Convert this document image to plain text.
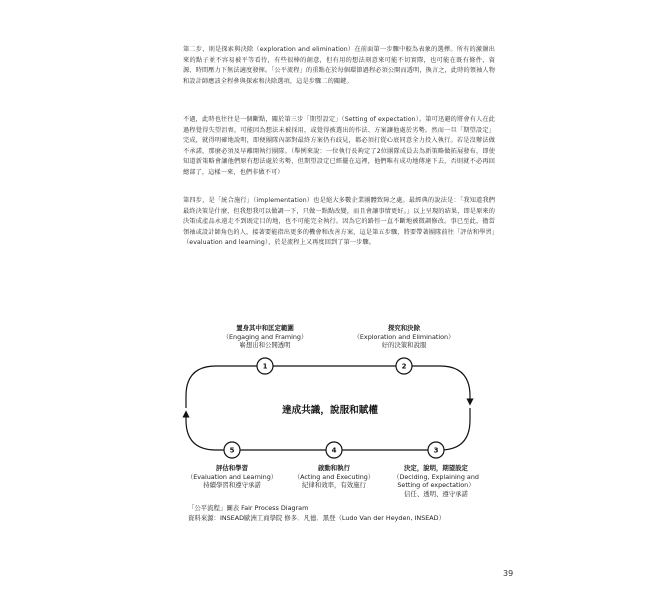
第二步，則是探索與決除（exploration and elimination）在前面第一步驟中較為表象的選擇。所有的激盪出來的點子並不容易被平等看待，有些很棒的創意，但有用的想法刻意來可能不切實際，也可能在既有條件、資源、時間壓力下無法適度發揮。「公平流程」的重點在於每個環節過程必須公開而透明，換言之，此時的領袖人物和設計師應該全程參與探索和決除選項，這是步驟二的關鍵。

不過，此時也往往是一個斷點，關於第三步「期望設定」（Setting of expectation）。第可迅避的將會有人在此過程覺得失望沮喪，可能因為想法未被採用，或覺得被選出的作法、方案讓他處於劣勢。然而一旦「期望設定」完成，就得明確地說明，即便團隊內部對最終方案仍有歧見，都必須打從心底同意全力投入執行。若是沒辦法做不承諾，那麼必須及早離開執行團隊。（舉例來說：一位執行長夠定了2位團隊成員去為新策略做拓展發布，即使知道新策略會讓他們原有想法處於劣勢，但期望設定已經擺在這裡，他們唯有成功地傳達下去，否則就不必再回總部了，這樣一來，也們非做不可）

第四步，是「統合施行」（implementation）也是絕大多數企業團體致障之處。最經典的說法是：「我知道我們最終決策是什麼，但我想我可以做調一下，只做一點點改變，而且會讓事情更好。」以上呈現的結果，即是原來的決策成產品永遠走不到既定目的地，也不可能完全執行。因為它的路徑一直不斷地被微調修改。事已至此，擔當領袖或設計師角色的人，接著要能指出更多的機會和改善方案，這是第五步驟，將要帶著團隊前往「評估和學習」（evaluation and learning），於是流程上又再度回到了第一步驟。

1	2
3
4
5
達成共識，說服和賦權
置身其中和匡定範圍
（Engaging and Framing）
嶄想出和公開透明
探究和決除
（Exploration and Elimination）
好的決策和說服
決定，說明，期望設定
（Deciding, Explaining and
Setting of expectation）
信任、透明、遵守承諾
啟動和執行
（Acting and Executing）
紀律和效率，有效施行
評估和學習
（Evaluation and Learning）
持續學習和遵守承諾
「公平流程」圖表 Fair Process Diagram
資料來源：INSEAD歐洲工商學院 修多．凡德．黑登（Ludo Van der Heyden, INSEAD）
39
